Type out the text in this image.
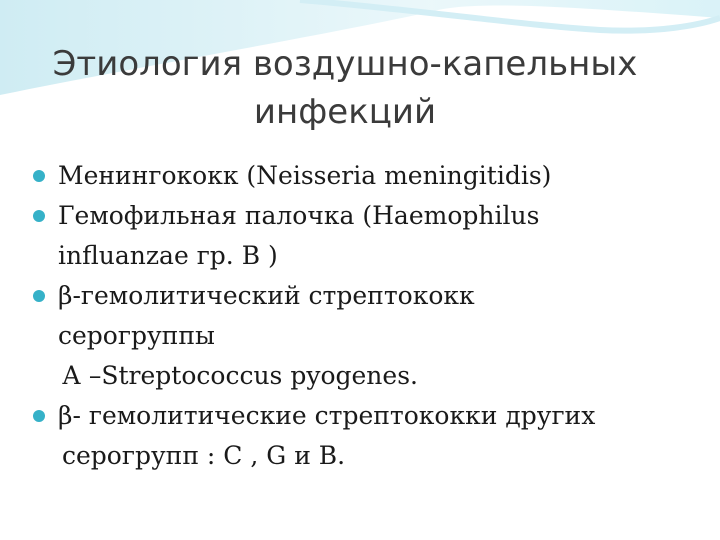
Этиология воздушно-капельных
инфекций
Менингококк (Neisseria meningitidis)
Гемофильная палочка (Haemophilus
influanzae гр. В )
β-гемолитический стрептококк
серогруппы
А –Streptococcus pyogenes.
β- гемолитические стрептококки других
серогрупп : С , G и В.
